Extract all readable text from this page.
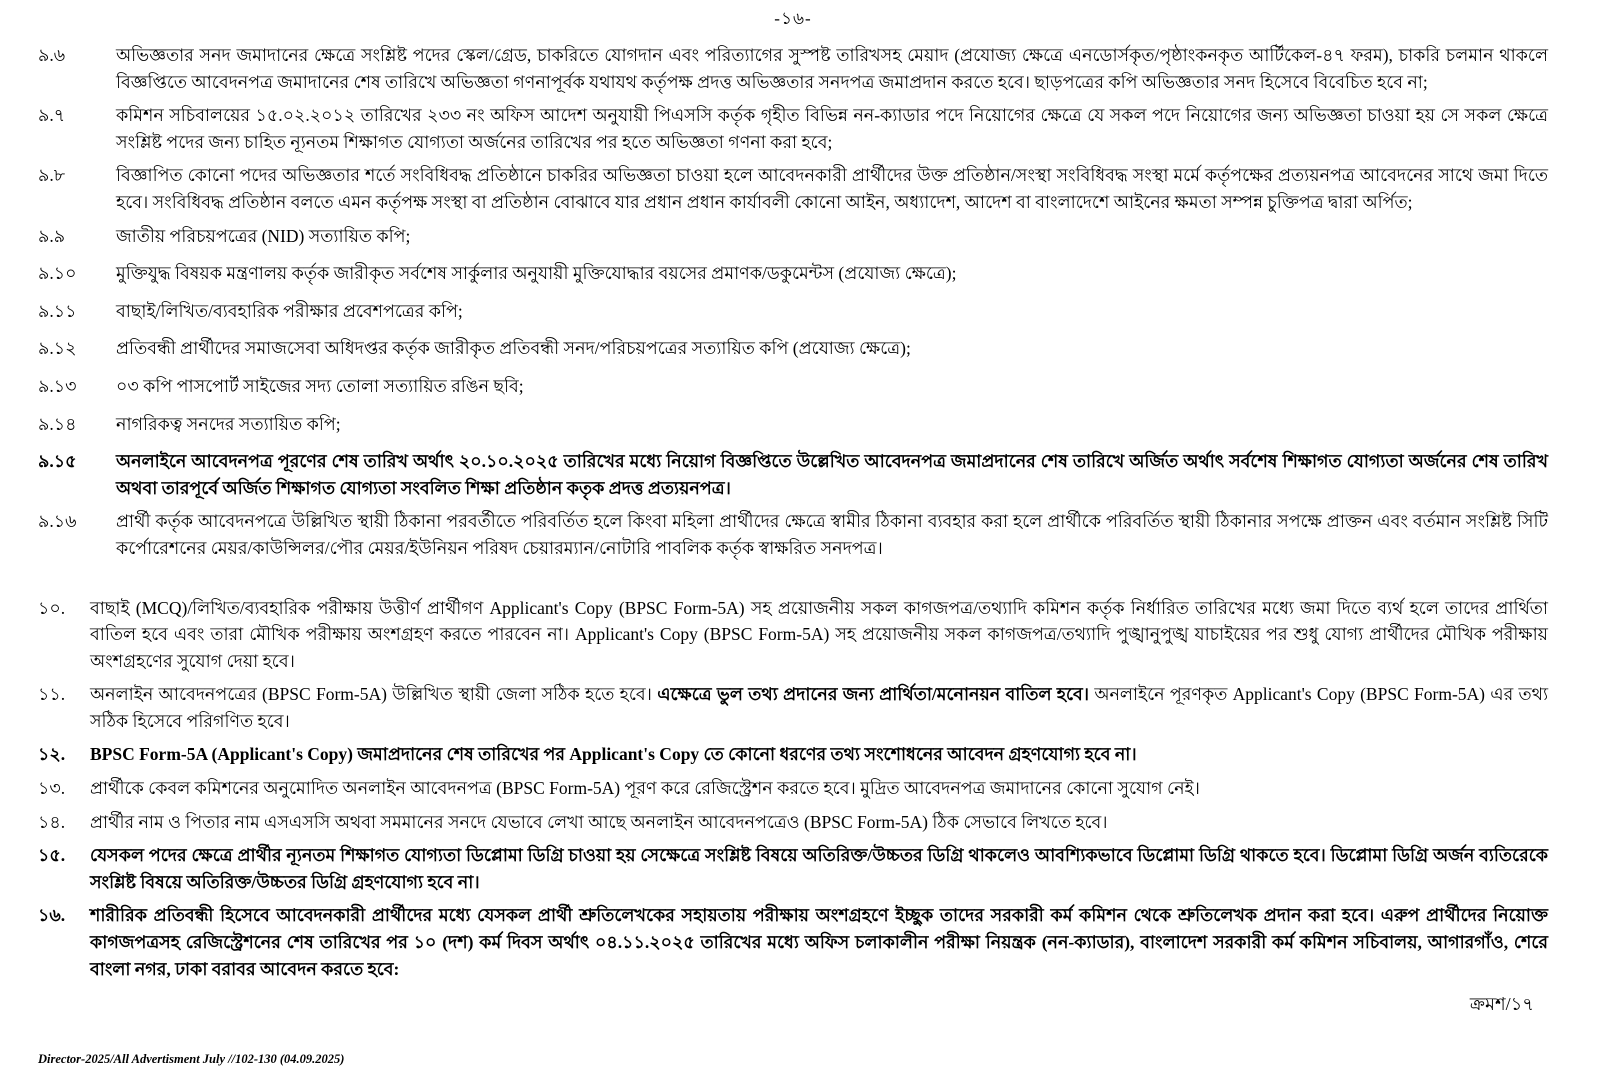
-১৬-
৯.৬	অভিজ্ঞতার সনদ জমাদানের ক্ষেত্রে সংশ্লিষ্ট পদের স্কেল/গ্রেড, চাকরিতে যোগদান এবং পরিত্যাগের সুস্পষ্ট তারিখসহ মেয়াদ (প্রযোজ্য ক্ষেত্রে এনডোর্সকৃত/পৃষ্ঠাংকনকৃত আর্টিকেল-৪৭ ফরম), চাকরি চলমান থাকলে বিজ্ঞপ্তিতে আবেদনপত্র জমাদানের শেষ তারিখে অভিজ্ঞতা গণনাপূর্বক যথাযথ কর্তৃপক্ষ প্রদত্ত অভিজ্ঞতার সনদপত্র জমাপ্রদান করতে হবে। ছাড়পত্রের কপি অভিজ্ঞতার সনদ হিসেবে বিবেচিত হবে না;
৯.৭	কমিশন সচিবালয়ের ১৫.০২.২০১২ তারিখের ২৩৩ নং অফিস আদেশ অনুযায়ী পিএসসি কর্তৃক গৃহীত বিভিন্ন নন-ক্যাডার পদে নিয়োগের ক্ষেত্রে যে সকল পদে নিয়োগের জন্য অভিজ্ঞতা চাওয়া হয় সে সকল ক্ষেত্রে সংশ্লিষ্ট পদের জন্য চাহিত ন্যূনতম শিক্ষাগত যোগ্যতা অর্জনের তারিখের পর হতে অভিজ্ঞতা গণনা করা হবে;
৯.৮	বিজ্ঞাপিত কোনো পদের অভিজ্ঞতার শর্তে সংবিধিবদ্ধ প্রতিষ্ঠানে চাকরির অভিজ্ঞতা চাওয়া হলে আবেদনকারী প্রার্থীদের উক্ত প্রতিষ্ঠান/সংস্থা সংবিধিবদ্ধ সংস্থা মর্মে কর্তৃপক্ষের প্রত্যয়নপত্র আবেদনের সাথে জমা দিতে হবে। সংবিধিবদ্ধ প্রতিষ্ঠান বলতে এমন কর্তৃপক্ষ সংস্থা বা প্রতিষ্ঠান বোঝাবে যার প্রধান প্রধান কার্যাবলী কোনো আইন, অধ্যাদেশ, আদেশ বা বাংলাদেশে আইনের ক্ষমতা সম্পন্ন চুক্তিপত্র দ্বারা অর্পিত;
৯.৯	জাতীয় পরিচয়পত্রের (NID) সত্যায়িত কপি;
৯.১০	মুক্তিযুদ্ধ বিষয়ক মন্ত্রণালয় কর্তৃক জারীকৃত সর্বশেষ সার্কুলার অনুযায়ী মুক্তিযোদ্ধার বয়সের প্রমাণক/ডকুমেন্টস (প্রযোজ্য ক্ষেত্রে);
৯.১১	বাছাই/লিখিত/ব্যবহারিক পরীক্ষার প্রবেশপত্রের কপি;
৯.১২	প্রতিবন্ধী প্রার্থীদের সমাজসেবা অধিদপ্তর কর্তৃক জারীকৃত প্রতিবন্ধী সনদ/পরিচয়পত্রের সত্যায়িত কপি (প্রযোজ্য ক্ষেত্রে);
৯.১৩	০৩ কপি পাসপোর্ট সাইজের সদ্য তোলা সত্যায়িত রঙিন ছবি;
৯.১৪	নাগরিকত্ব সনদের সত্যায়িত কপি;
৯.১৫	অনলাইনে আবেদনপত্র পূরণের শেষ তারিখ অর্থাৎ ২০.১০.২০২৫ তারিখের মধ্যে নিয়োগ বিজ্ঞপ্তিতে উল্লেখিত আবেদনপত্র জমাপ্রদানের শেষ তারিখে অর্জিত অর্থাৎ সর্বশেষ শিক্ষাগত যোগ্যতা অর্জনের শেষ তারিখ অথবা তারপূর্বে অর্জিত শিক্ষাগত যোগ্যতা সংবলিত শিক্ষা প্রতিষ্ঠান কতৃক প্রদত্ত প্রত্যয়নপত্র।
৯.১৬	প্রার্থী কর্তৃক আবেদনপত্রে উল্লিখিত স্থায়ী ঠিকানা পরবর্তীতে পরিবর্তিত হলে কিংবা মহিলা প্রার্থীদের ক্ষেত্রে স্বামীর ঠিকানা ব্যবহার করা হলে প্রার্থীকে পরিবর্তিত স্থায়ী ঠিকানার সপক্ষে প্রাক্তন এবং বর্তমান সংশ্লিষ্ট সিটি কর্পোরেশনের মেয়র/কাউন্সিলর/পৌর মেয়র/ইউনিয়ন পরিষদ চেয়ারম্যান/নোটারি পাবলিক কর্তৃক স্বাক্ষরিত সনদপত্র।
১০.	বাছাই (MCQ)/লিখিত/ব্যবহারিক পরীক্ষায় উত্তীর্ণ প্রার্থীগণ Applicant's Copy (BPSC Form-5A) সহ প্রয়োজনীয় সকল কাগজপত্র/তথ্যাদি কমিশন কর্তৃক নির্ধারিত তারিখের মধ্যে জমা দিতে ব্যর্থ হলে তাদের প্রার্থিতা বাতিল হবে এবং তারা মৌখিক পরীক্ষায় অংশগ্রহণ করতে পারবেন না। Applicant's Copy (BPSC Form-5A) সহ প্রয়োজনীয় সকল কাগজপত্র/তথ্যাদি পুঙ্খানুপুঙ্খ যাচাইয়ের পর শুধু যোগ্য প্রার্থীদের মৌখিক পরীক্ষায় অংশগ্রহণের সুযোগ দেয়া হবে।
১১.	অনলাইন আবেদনপত্রের (BPSC Form-5A) উল্লিখিত স্থায়ী জেলা সঠিক হতে হবে। এক্ষেত্রে ভুল তথ্য প্রদানের জন্য প্রার্থিতা/মনোনয়ন বাতিল হবে। অনলাইনে পূরণকৃত Applicant's Copy (BPSC Form-5A) এর তথ্য সঠিক হিসেবে পরিগণিত হবে।
১২.	BPSC Form-5A (Applicant's Copy) জমাপ্রদানের শেষ তারিখের পর Applicant's Copy তে কোনো ধরণের তথ্য সংশোধনের আবেদন গ্রহণযোগ্য হবে না।
১৩.	প্রার্থীকে কেবল কমিশনের অনুমোদিত অনলাইন আবেদনপত্র (BPSC Form-5A) পূরণ করে রেজিস্ট্রেশন করতে হবে। মুদ্রিত আবেদনপত্র জমাদানের কোনো সুযোগ নেই।
১৪.	প্রার্থীর নাম ও পিতার নাম এসএসসি অথবা সমমানের সনদে যেভাবে লেখা আছে অনলাইন আবেদনপত্রেও (BPSC Form-5A) ঠিক সেভাবে লিখতে হবে।
১৫.	যেসকল পদের ক্ষেত্রে প্রার্থীর ন্যূনতম শিক্ষাগত যোগ্যতা ডিপ্লোমা ডিগ্রি চাওয়া হয় সেক্ষেত্রে সংশ্লিষ্ট বিষয়ে অতিরিক্ত/উচ্চতর ডিগ্রি থাকলেও আবশ্যিকভাবে ডিপ্লোমা ডিগ্রি থাকতে হবে। ডিপ্লোমা ডিগ্রি অর্জন ব্যতিরেকে সংশ্লিষ্ট বিষয়ে অতিরিক্ত/উচ্চতর ডিগ্রি গ্রহণযোগ্য হবে না।
১৬.	শারীরিক প্রতিবন্ধী হিসেবে আবেদনকারী প্রার্থীদের মধ্যে যেসকল প্রার্থী শ্রুতিলেখকের সহায়তায় পরীক্ষায় অংশগ্রহণে ইচ্ছুক তাদের সরকারী কর্ম কমিশন থেকে শ্রুতিলেখক প্রদান করা হবে। এরুপ প্রার্থীদের নিয়োক্ত কাগজপত্রসহ রেজিস্ট্রেশনের শেষ তারিখের পর ১০ (দশ) কর্ম দিবস অর্থাৎ ০৪.১১.২০২৫ তারিখের মধ্যে অফিস চলাকালীন পরীক্ষা নিয়ন্ত্রক (নন-ক্যাডার), বাংলাদেশ সরকারী কর্ম কমিশন সচিবালয়, আগারগাঁও, শেরে বাংলা নগর, ঢাকা বরাবর আবেদন করতে হবে:
ক্রমশ/১৭
Director-2025/All Advertisment July //102-130 (04.09.2025)
